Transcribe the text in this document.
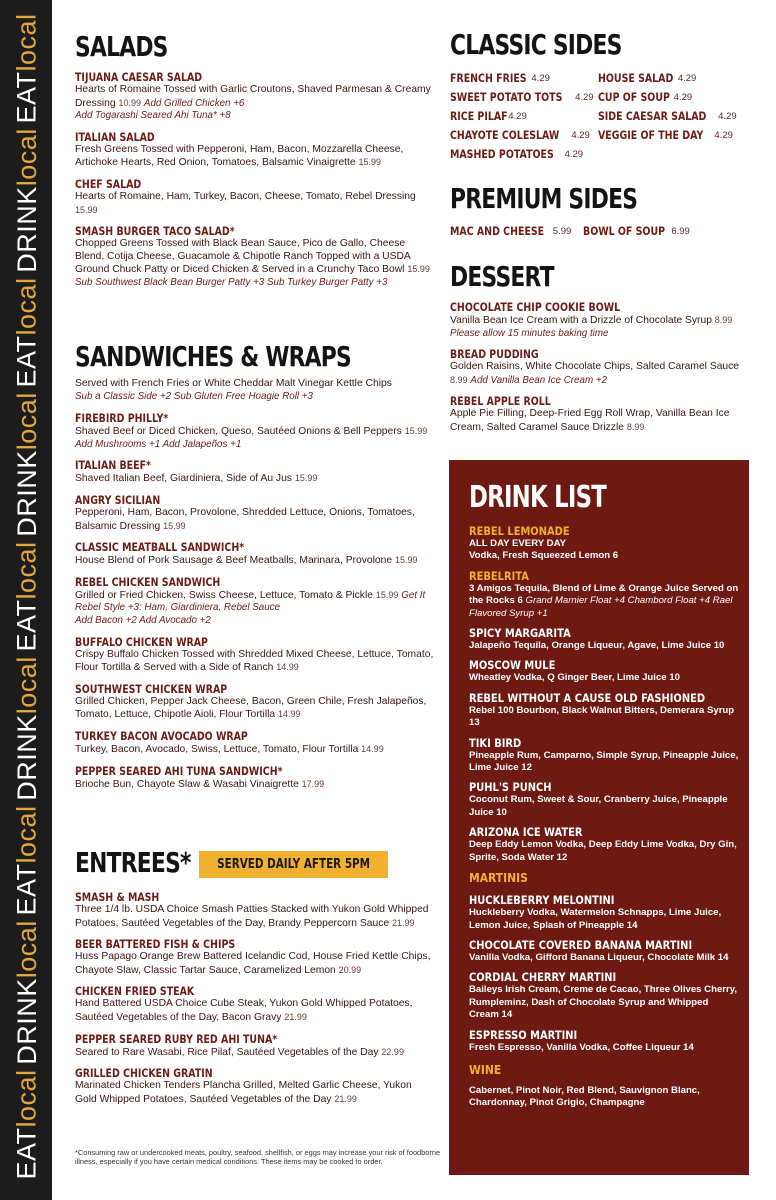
EATlocal
DRINKlocal
EATlocal
DRINKlocal
EATlocal
DRINKlocal
EATlocal
DRINKlocal
EATlocal
SALADS
TIJUANA CAESAR SALAD
Hearts of Romaine Tossed with Garlic Croutons, Shaved Parmesan & Creamy Dressing 10.99 Add Grilled Chicken +6
Add Togarashi Seared Ahi Tuna* +8
ITALIAN SALAD
Fresh Greens Tossed with Pepperoni, Ham, Bacon, Mozzarella Cheese, Artichoke Hearts, Red Onion, Tomatoes, Balsamic Vinaigrette 15.99
CHEF SALAD
Hearts of Romaine, Ham, Turkey, Bacon, Cheese, Tomato, Rebel Dressing 15.99
SMASH BURGER TACO SALAD*
Chopped Greens Tossed with Black Bean Sauce, Pico de Gallo, Cheese Blend, Cotija Cheese, Guacamole & Chipotle Ranch Topped with a USDA Ground Chuck Patty or Diced Chicken & Served in a Crunchy Taco Bowl 15.99
Sub Southwest Black Bean Burger Patty +3 Sub Turkey Burger Patty +3
SANDWICHES & WRAPS
Served with French Fries or White Cheddar Malt Vinegar Kettle Chips
Sub a Classic Side +2 Sub Gluten Free Hoagie Roll +3
FIREBIRD PHILLY*
Shaved Beef or Diced Chicken, Queso, Sautéed Onions & Bell Peppers 15.99 Add Mushrooms +1 Add Jalapeños +1
ITALIAN BEEF*
Shaved Italian Beef, Giardiniera, Side of Au Jus 15.99
ANGRY SICILIAN
Pepperoni, Ham, Bacon, Provolone, Shredded Lettuce, Onions, Tomatoes, Balsamic Dressing 15.99
CLASSIC MEATBALL SANDWICH*
House Blend of Pork Sausage & Beef Meatballs, Marinara, Provolone 15.99
REBEL CHICKEN SANDWICH
Grilled or Fried Chicken, Swiss Cheese, Lettuce, Tomato & Pickle 15.99 Get It Rebel Style +3: Ham, Giardiniera, Rebel Sauce
Add Bacon +2 Add Avocado +2
BUFFALO CHICKEN WRAP
Crispy Buffalo Chicken Tossed with Shredded Mixed Cheese, Lettuce, Tomato, Flour Tortilla & Served with a Side of Ranch 14.99
SOUTHWEST CHICKEN WRAP
Grilled Chicken, Pepper Jack Cheese, Bacon, Green Chile, Fresh Jalapeños, Tomato, Lettuce, Chipotle Aioli, Flour Tortilla 14.99
TURKEY BACON AVOCADO WRAP
Turkey, Bacon, Avocado, Swiss, Lettuce, Tomato, Flour Tortilla 14.99
PEPPER SEARED AHI TUNA SANDWICH*
Brioche Bun, Chayote Slaw & Wasabi Vinaigrette 17.99
ENTREES* SERVED DAILY AFTER 5PM
SMASH & MASH
Three 1/4 lb. USDA Choice Smash Patties Stacked with Yukon Gold Whipped Potatoes, Sautéed Vegetables of the Day, Brandy Peppercorn Sauce 21.99
BEER BATTERED FISH & CHIPS
Huss Papago Orange Brew Battered Icelandic Cod, House Fried Kettle Chips, Chayote Slaw, Classic Tartar Sauce, Caramelized Lemon 20.99
CHICKEN FRIED STEAK
Hand Battered USDA Choice Cube Steak, Yukon Gold Whipped Potatoes, Sautéed Vegetables of the Day, Bacon Gravy 21.99
PEPPER SEARED RUBY RED AHI TUNA*
Seared to Rare Wasabi, Rice Pilaf, Sautéed Vegetables of the Day 22.99
GRILLED CHICKEN GRATIN
Marinated Chicken Tenders Plancha Grilled, Melted Garlic Cheese, Yukon Gold Whipped Potatoes, Sautéed Vegetables of the Day 21.99
*Consuming raw or undercooked meats, poultry, seafood, shellfish, or eggs may increase your risk of foodborne illness, especially if you have certain medical conditions. These items may be cooked to order.
CLASSIC SIDES
FRENCH FRIES 4.29	HOUSE SALAD 4.29
SWEET POTATO TOTS 4.29 CUP OF SOUP 4.29
RICE PILAF 4.29	SIDE CAESAR SALAD 4.29
CHAYOTE COLESLAW 4.29 VEGGIE OF THE DAY 4.29
MASHED POTATOES 4.29
PREMIUM SIDES
MAC AND CHEESE 5.99 BOWL OF SOUP 6.99
DESSERT
CHOCOLATE CHIP COOKIE BOWL
Vanilla Bean Ice Cream with a Drizzle of Chocolate Syrup 8.99 Please allow 15 minutes baking time
BREAD PUDDING
Golden Raisins, White Chocolate Chips, Salted Caramel Sauce 8.99 Add Vanilla Bean Ice Cream +2
REBEL APPLE ROLL
Apple Pie Filling, Deep-Fried Egg Roll Wrap, Vanilla Bean Ice Cream, Salted Caramel Sauce Drizzle 8.99
DRINK LIST
REBEL LEMONADE
ALL DAY EVERY DAY
Vodka, Fresh Squeezed Lemon 6
REBELRITA
3 Amigos Tequila, Blend of Lime & Orange Juice Served on the Rocks 6 Grand Marnier Float +4 Chambord Float +4 Rael Flavored Syrup +1
SPICY MARGARITA
Jalapeño Tequila, Orange Liqueur, Agave, Lime Juice 10
MOSCOW MULE
Wheatley Vodka, Q Ginger Beer, Lime Juice 10
REBEL WITHOUT A CAUSE OLD FASHIONED
Rebel 100 Bourbon, Black Walnut Bitters, Demerara Syrup 13
TIKI BIRD
Pineapple Rum, Camparno, Simple Syrup, Pineapple Juice, Lime Juice 12
PUHL'S PUNCH
Coconut Rum, Sweet & Sour, Cranberry Juice, Pineapple Juice 10
ARIZONA ICE WATER
Deep Eddy Lemon Vodka, Deep Eddy Lime Vodka, Dry Gin, Sprite, Soda Water 12
MARTINIS
HUCKLEBERRY MELONTINI
Huckleberry Vodka, Watermelon Schnapps, Lime Juice, Lemon Juice, Splash of Pineapple 14
CHOCOLATE COVERED BANANA MARTINI
Vanilla Vodka, Gifford Banana Liqueur, Chocolate Milk 14
CORDIAL CHERRY MARTINI
Baileys Irish Cream, Creme de Cacao, Three Olives Cherry, Rumpleminz, Dash of Chocolate Syrup and Whipped Cream 14
ESPRESSO MARTINI
Fresh Espresso, Vanilla Vodka, Coffee Liqueur 14
WINE
Cabernet, Pinot Noir, Red Blend, Sauvignon Blanc, Chardonnay, Pinot Grigio, Champagne
